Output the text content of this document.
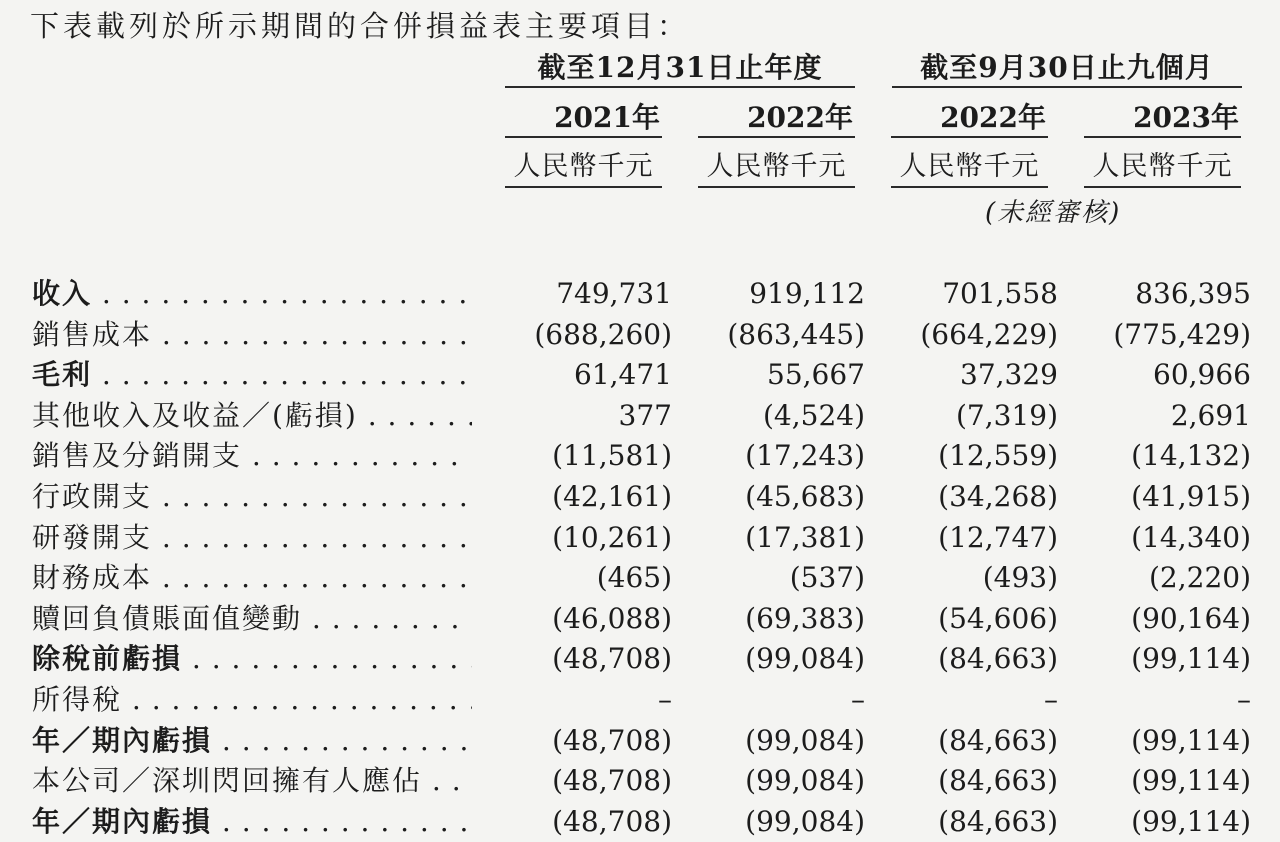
下表載列於所示期間的合併損益表主要項目：
截至12月31日止年度	截至9月30日止九個月
2021年	2022年	2022年	2023年
人民幣千元	人民幣千元	人民幣千元	人民幣千元
(未經審核)
收入 . . .	749,731	919,112	701,558	836,395
銷售成本 . . .	(688,260)	(863,445)	(664,229)	(775,429)
毛利 . . .	61,471	55,667	37,329	60,966
其他收入及收益／(虧損) . . .	377	(4,524)	(7,319)	2,691
銷售及分銷開支 . . .	(11,581)	(17,243)	(12,559)	(14,132)
行政開支 . . .	(42,161)	(45,683)	(34,268)	(41,915)
研發開支 . . .	(10,261)	(17,381)	(12,747)	(14,340)
財務成本 . . .	(465)	(537)	(493)	(2,220)
贖回負債賬面值變動 . . .	(46,088)	(69,383)	(54,606)	(90,164)
除稅前虧損 . . .	(48,708)	(99,084)	(84,663)	(99,114)
所得稅 . . .	–	–	–	–
年／期內虧損 . . .	(48,708)	(99,084)	(84,663)	(99,114)
本公司／深圳閃回擁有人應佔 . . .	(48,708)	(99,084)	(84,663)	(99,114)
年／期內虧損 . . .	(48,708)	(99,084)	(84,663)	(99,114)
